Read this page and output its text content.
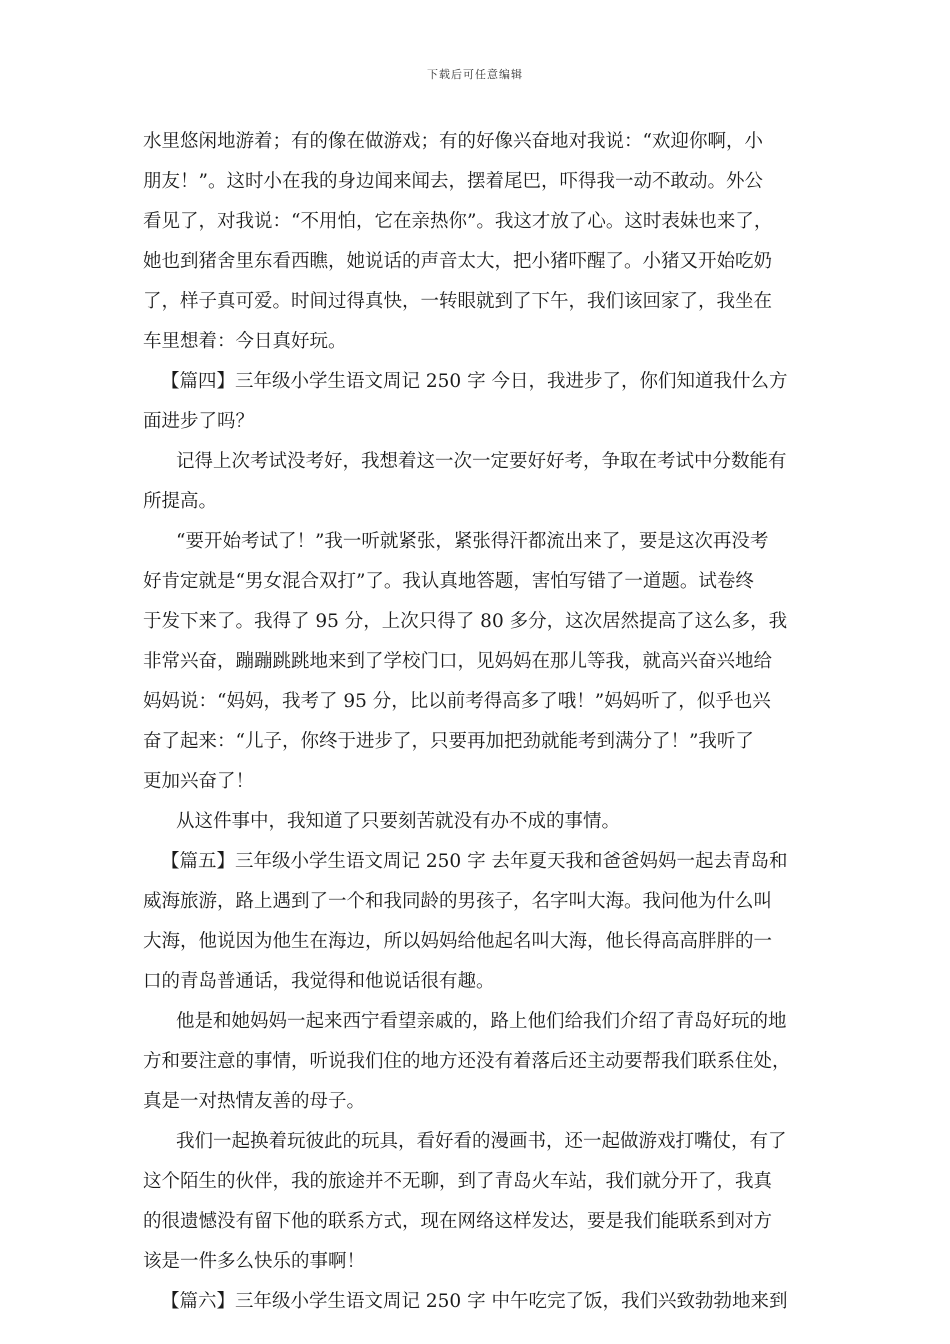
下载后可任意编辑
水里悠闲地游着；有的像在做游戏；有的好像兴奋地对我说：“欢迎你啊，小
朋友！”。这时小在我的身边闻来闻去，摆着尾巴，吓得我一动不敢动。外公
看见了，对我说：“不用怕，它在亲热你”。我这才放了心。这时表妹也来了，
她也到猪舍里东看西瞧，她说话的声音太大，把小猪吓醒了。小猪又开始吃奶
了，样子真可爱。时间过得真快，一转眼就到了下午，我们该回家了，我坐在
车里想着：今日真好玩。
【篇四】三年级小学生语文周记 250 字 今日，我进步了，你们知道我什么方
面进步了吗？
记得上次考试没考好，我想着这一次一定要好好考，争取在考试中分数能有
所提高。
“要开始考试了！”我一听就紧张，紧张得汗都流出来了，要是这次再没考
好肯定就是“男女混合双打”了。我认真地答题，害怕写错了一道题。试卷终
于发下来了。我得了 95 分，上次只得了 80 多分，这次居然提高了这么多，我
非常兴奋，蹦蹦跳跳地来到了学校门口，见妈妈在那儿等我，就高兴奋兴地给
妈妈说：“妈妈，我考了 95 分，比以前考得高多了哦！”妈妈听了，似乎也兴
奋了起来：“儿子，你终于进步了，只要再加把劲就能考到满分了！”我听了
更加兴奋了！
从这件事中，我知道了只要刻苦就没有办不成的事情。
【篇五】三年级小学生语文周记 250 字 去年夏天我和爸爸妈妈一起去青岛和
威海旅游，路上遇到了一个和我同龄的男孩子，名字叫大海。我问他为什么叫
大海，他说因为他生在海边，所以妈妈给他起名叫大海，他长得高高胖胖的一
口的青岛普通话，我觉得和他说话很有趣。
他是和她妈妈一起来西宁看望亲戚的，路上他们给我们介绍了青岛好玩的地
方和要注意的事情，听说我们住的地方还没有着落后还主动要帮我们联系住处，
真是一对热情友善的母子。
我们一起换着玩彼此的玩具，看好看的漫画书，还一起做游戏打嘴仗，有了
这个陌生的伙伴，我的旅途并不无聊，到了青岛火车站，我们就分开了，我真
的很遗憾没有留下他的联系方式，现在网络这样发达，要是我们能联系到对方
该是一件多么快乐的事啊！
【篇六】三年级小学生语文周记 250 字 中午吃完了饭，我们兴致勃勃地来到
